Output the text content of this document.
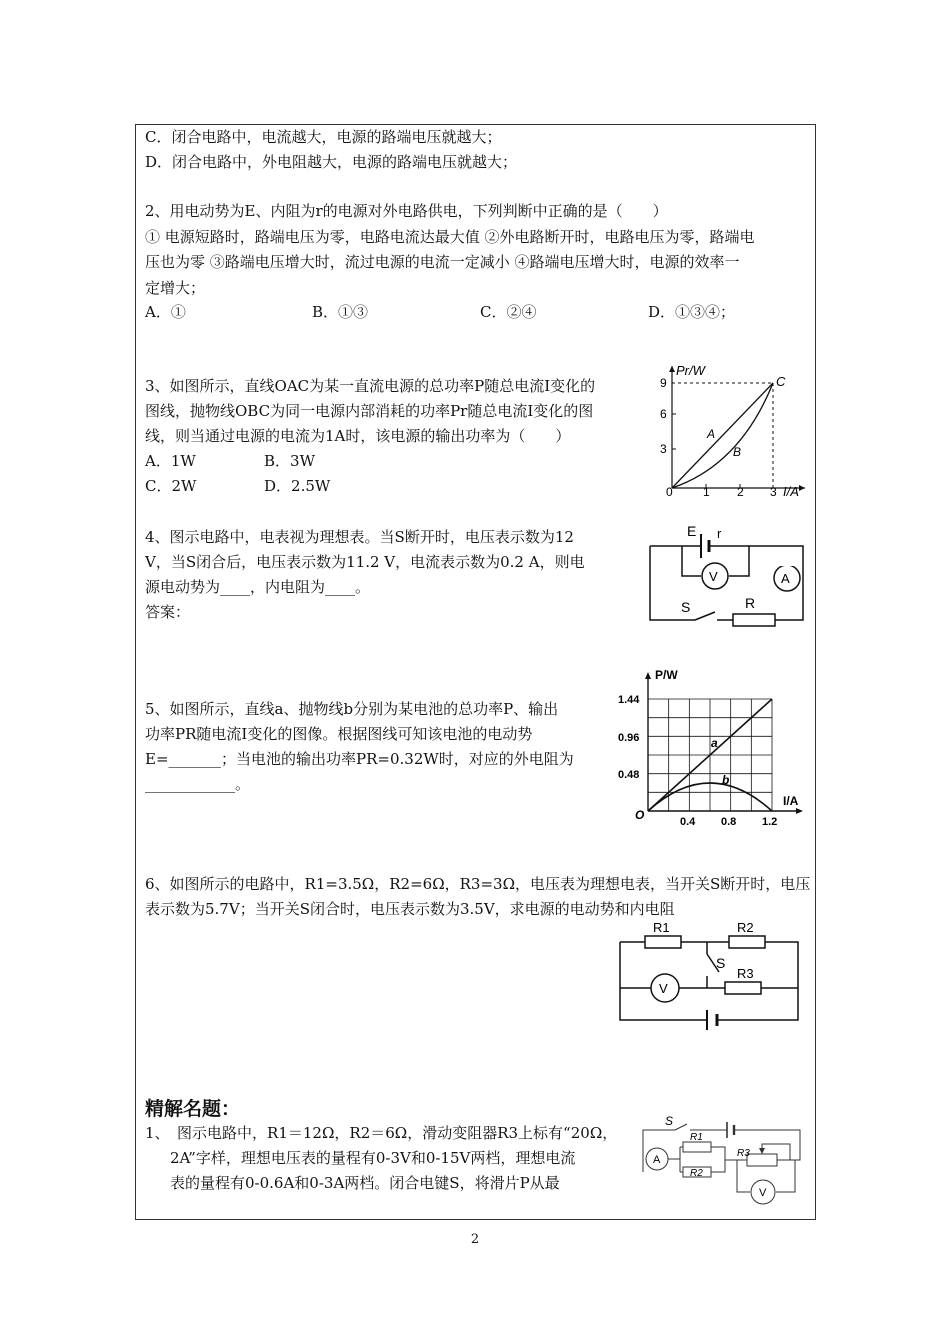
C．闭合电路中，电流越大，电源的路端电压就越大；
D．闭合电路中，外电阻越大，电源的路端电压就越大；
2、用电动势为E、内阻为r的电源对外电路供电，下列判断中正确的是（　　）
① 电源短路时，路端电压为零，电路电流达最大值 ②外电路断开时，电路电压为零，路端电
压也为零 ③路端电压增大时，流过电源的电流一定减小 ④路端电压增大时，电源的效率一
定增大；
A．①	B．①③	C．②④	D．①③④；
3、如图所示，直线OAC为某一直流电源的总功率P随总电流I变化的
图线，抛物线OBC为同一电源内部消耗的功率Pr随总电流I变化的图
线，则当通过电源的电流为1A时，该电源的输出功率为（　　）
A．1W	B．3W
C．2W	D．2.5W
Pr/W
I/A
9
6
3
0	1 2 3
C
A
B
4、图示电路中，电表视为理想表。当S断开时，电压表示数为12
V，当S闭合后，电压表示数为11.2 V，电流表示数为0.2 A，则电
源电动势为____，内电阻为____。
答案：
E r
V	A
S	R
5、如图所示，直线a、抛物线b分别为某电池的总功率P、输出
功率PR随电流I变化的图像。根据图线可知该电池的电动势
E=_______；当电池的输出功率PR=0.32W时，对应的外电阻为
____________。
P/W
I/A
1.44
0.96
0.48
O	0.4 0.8 1.2
a
b
6、如图所示的电路中，R1=3.5Ω，R2=6Ω，R3=3Ω，电压表为理想电表，当开关S断开时，电压
表示数为5.7V；当开关S闭合时，电压表示数为3.5V，求电源的电动势和内电阻
R1	R2
R3
S
V
精解名题：
1、　图示电路中，R1＝12Ω，R2＝6Ω，滑动变阻器R3上标有“20Ω，
2A”字样，理想电压表的量程有0-3V和0-15V两档，理想电流
表的量程有0-0.6A和0-3A两档。闭合电键S，将滑片P从最
S
R1
R2
R3
A
V
2
